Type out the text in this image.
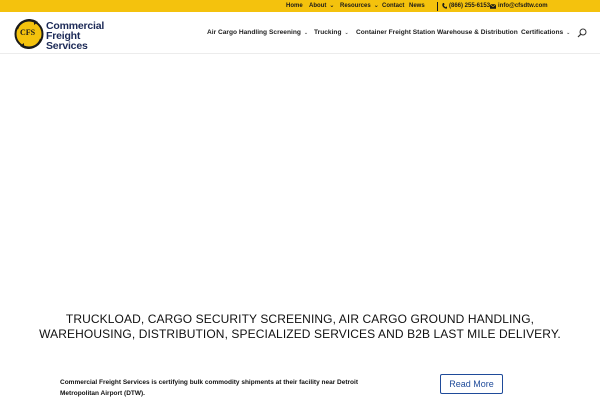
Home About ⌄ Resources ⌄ Contact News	(866) 255-6153 info@cfsdtw.com
CFS
Commercial
Freight Services
Air Cargo Handling Screening ⌄ Trucking ⌄ Container Freight Station Warehouse & Distribution Certifications ⌄
TRUCKLOAD, CARGO SECURITY SCREENING, AIR CARGO GROUND HANDLING,
WAREHOUSING, DISTRIBUTION, SPECIALIZED SERVICES AND B2B LAST MILE DELIVERY.
Commercial Freight Services is certifying bulk commodity shipments at their facility near Detroit Metropolitan Airport (DTW).
Read More
